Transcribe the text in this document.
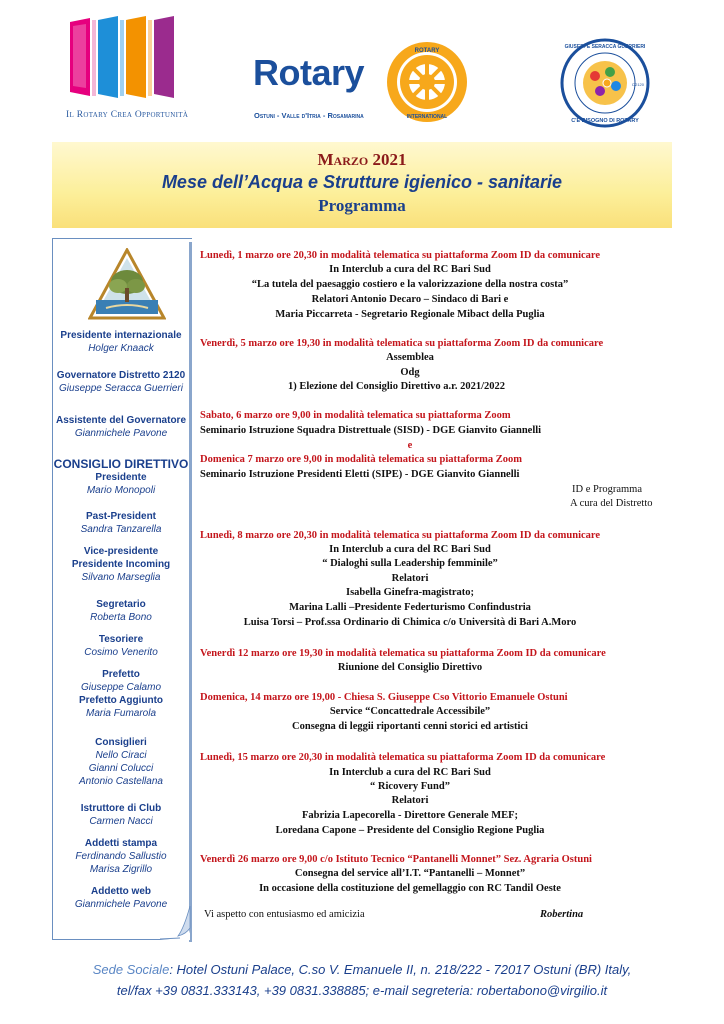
Il Rotary Crea Opportunità
Rotary
Ostuni - Valle d'Itria - Rosamarina
ROTARY
INTERNATIONAL
GIUSEPPE SERACCA GUERRIERI
D2120
C'È BISOGNO DI ROTARY
Marzo 2021
Mese dell’Acqua e Strutture igienico - sanitarie
Programma
Presidente internazionale
Holger Knaack
Governatore Distretto 2120
Giuseppe Seracca Guerrieri
Assistente del Governatore
Gianmichele Pavone
CONSIGLIO DIRETTIVO
Presidente
Mario Monopoli
Past-President
Sandra Tanzarella
Vice-presidente
Presidente Incoming
Silvano Marseglia
Segretario
Roberta Bono
Tesoriere
Cosimo Venerito
Prefetto
Giuseppe Calamo
Prefetto Aggiunto
Maria Fumarola
Consiglieri
Nello Ciraci
Gianni Colucci
Antonio Castellana
Istruttore di Club
Carmen Nacci
Addetti stampa
Ferdinando Sallustio
Marisa Zigrillo
Addetto web
Gianmichele Pavone
Lunedì, 1 marzo ore 20,30 in modalità telematica su piattaforma Zoom ID da comunicare
In Interclub a cura del RC Bari Sud
“La tutela del paesaggio costiero e la valorizzazione della nostra costa”
Relatori Antonio Decaro – Sindaco di Bari e
Maria Piccarreta - Segretario Regionale Mibact della Puglia
Venerdì, 5 marzo ore 19,30 in modalità telematica su piattaforma Zoom ID da comunicare
Assemblea
Odg
1) Elezione del Consiglio Direttivo a.r. 2021/2022
Sabato, 6 marzo ore 9,00 in modalità telematica su piattaforma Zoom
Seminario Istruzione Squadra Distrettuale (SISD) - DGE Gianvito Giannelli
e
Domenica 7 marzo ore 9,00 in modalità telematica su piattaforma Zoom
Seminario Istruzione Presidenti Eletti (SIPE) - DGE Gianvito Giannelli
ID e Programma
A cura del Distretto
Lunedì, 8 marzo ore 20,30 in modalità telematica su piattaforma Zoom ID da comunicare
In Interclub a cura del RC Bari Sud
“ Dialoghi sulla Leadership femminile”
Relatori
Isabella Ginefra-magistrato;
Marina Lalli –Presidente Federturismo Confindustria
Luisa Torsi – Prof.ssa Ordinario di Chimica c/o Università di Bari A.Moro
Venerdì 12 marzo ore 19,30 in modalità telematica su piattaforma Zoom ID da comunicare
Riunione del Consiglio Direttivo
Domenica, 14 marzo ore 19,00 - Chiesa S. Giuseppe Cso Vittorio Emanuele Ostuni
Service “Concattedrale Accessibile”
Consegna di leggii riportanti cenni storici ed artistici
Lunedì, 15 marzo ore 20,30 in modalità telematica su piattaforma Zoom ID da comunicare
In Interclub a cura del RC Bari Sud
“ Ricovery Fund”
Relatori
Fabrizia Lapecorella - Direttore Generale MEF;
Loredana Capone – Presidente del Consiglio Regione Puglia
Venerdì 26 marzo ore 9,00 c/o Istituto Tecnico “Pantanelli Monnet” Sez. Agraria Ostuni
Consegna del service all’I.T. “Pantanelli – Monnet”
In occasione della costituzione del gemellaggio con RC Tandil Oeste
Vi aspetto con entusiasmo ed amicizia	Robertina
Sede Sociale: Hotel Ostuni Palace, C.so V. Emanuele II, n. 218/222 - 72017 Ostuni (BR) Italy,
tel/fax +39 0831.333143, +39 0831.338885; e-mail segreteria: robertabono@virgilio.it
